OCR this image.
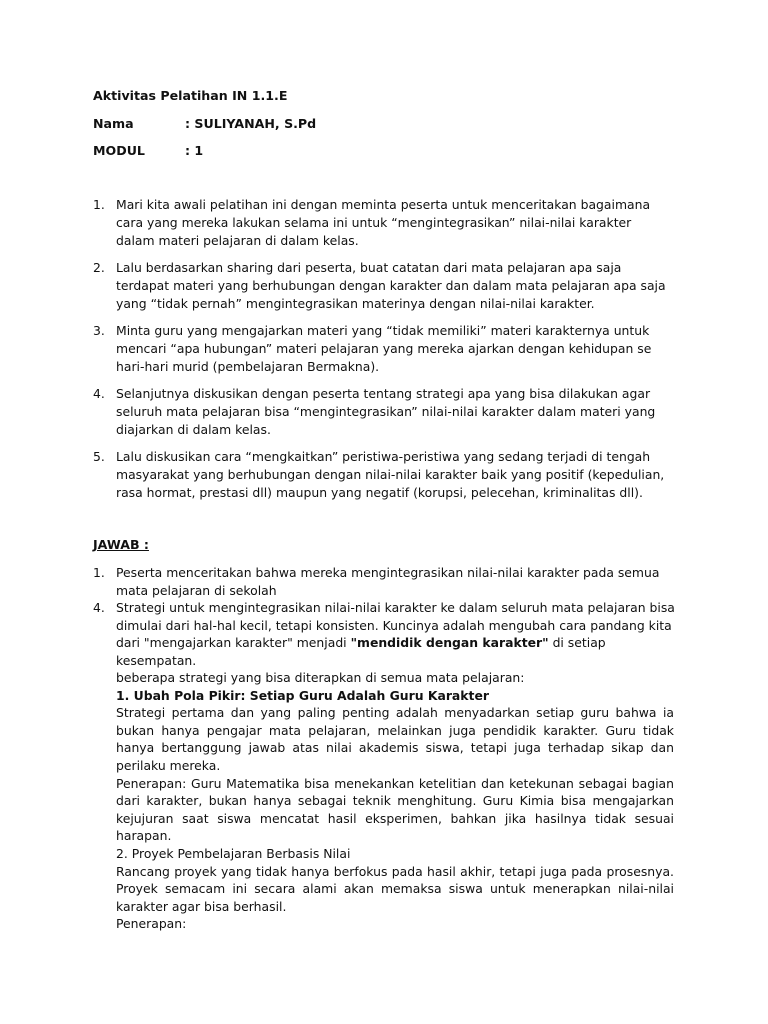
Aktivitas Pelatihan IN 1.1.E
Nama	: SULIYANAH, S.Pd
MODUL	: 1
1. Mari kita awali pelatihan ini dengan meminta peserta untuk menceritakan bagaimana cara yang mereka lakukan selama ini untuk “mengintegrasikan” nilai-nilai karakter dalam materi pelajaran di dalam kelas.
2. Lalu berdasarkan sharing dari peserta, buat catatan dari mata pelajaran apa saja terdapat materi yang berhubungan dengan karakter dan dalam mata pelajaran apa saja yang “tidak pernah” mengintegrasikan materinya dengan nilai-nilai karakter.
3. Minta guru yang mengajarkan materi yang “tidak memiliki” materi karakternya untuk mencari “apa hubungan” materi pelajaran yang mereka ajarkan dengan kehidupan se hari-hari murid (pembelajaran Bermakna).
4. Selanjutnya diskusikan dengan peserta tentang strategi apa yang bisa dilakukan agar seluruh mata pelajaran bisa “mengintegrasikan” nilai-nilai karakter dalam materi yang diajarkan di dalam kelas.
5. Lalu diskusikan cara “mengkaitkan” peristiwa-peristiwa yang sedang terjadi di tengah masyarakat yang berhubungan dengan nilai-nilai karakter baik yang positif (kepedulian, rasa hormat, prestasi dll) maupun yang negatif (korupsi, pelecehan, kriminalitas dll).
JAWAB :
1. Peserta menceritakan bahwa mereka mengintegrasikan nilai-nilai karakter pada semua mata pelajaran di sekolah
4. Strategi untuk mengintegrasikan nilai-nilai karakter ke dalam seluruh mata pelajaran bisa dimulai dari hal-hal kecil, tetapi konsisten. Kuncinya adalah mengubah cara pandang kita dari "mengajarkan karakter" menjadi "mendidik dengan karakter" di setiap kesempatan.

beberapa strategi yang bisa diterapkan di semua mata pelajaran:

1. Ubah Pola Pikir: Setiap Guru Adalah Guru Karakter

Strategi pertama dan yang paling penting adalah menyadarkan setiap guru bahwa ia bukan hanya pengajar mata pelajaran, melainkan juga pendidik karakter. Guru tidak hanya bertanggung jawab atas nilai akademis siswa, tetapi juga terhadap sikap dan perilaku mereka.

Penerapan: Guru Matematika bisa menekankan ketelitian dan ketekunan sebagai bagian dari karakter, bukan hanya sebagai teknik menghitung. Guru Kimia bisa mengajarkan kejujuran saat siswa mencatat hasil eksperimen, bahkan jika hasilnya tidak sesuai harapan.

2. Proyek Pembelajaran Berbasis Nilai

Rancang proyek yang tidak hanya berfokus pada hasil akhir, tetapi juga pada prosesnya. Proyek semacam ini secara alami akan memaksa siswa untuk menerapkan nilai-nilai karakter agar bisa berhasil.

Penerapan:
